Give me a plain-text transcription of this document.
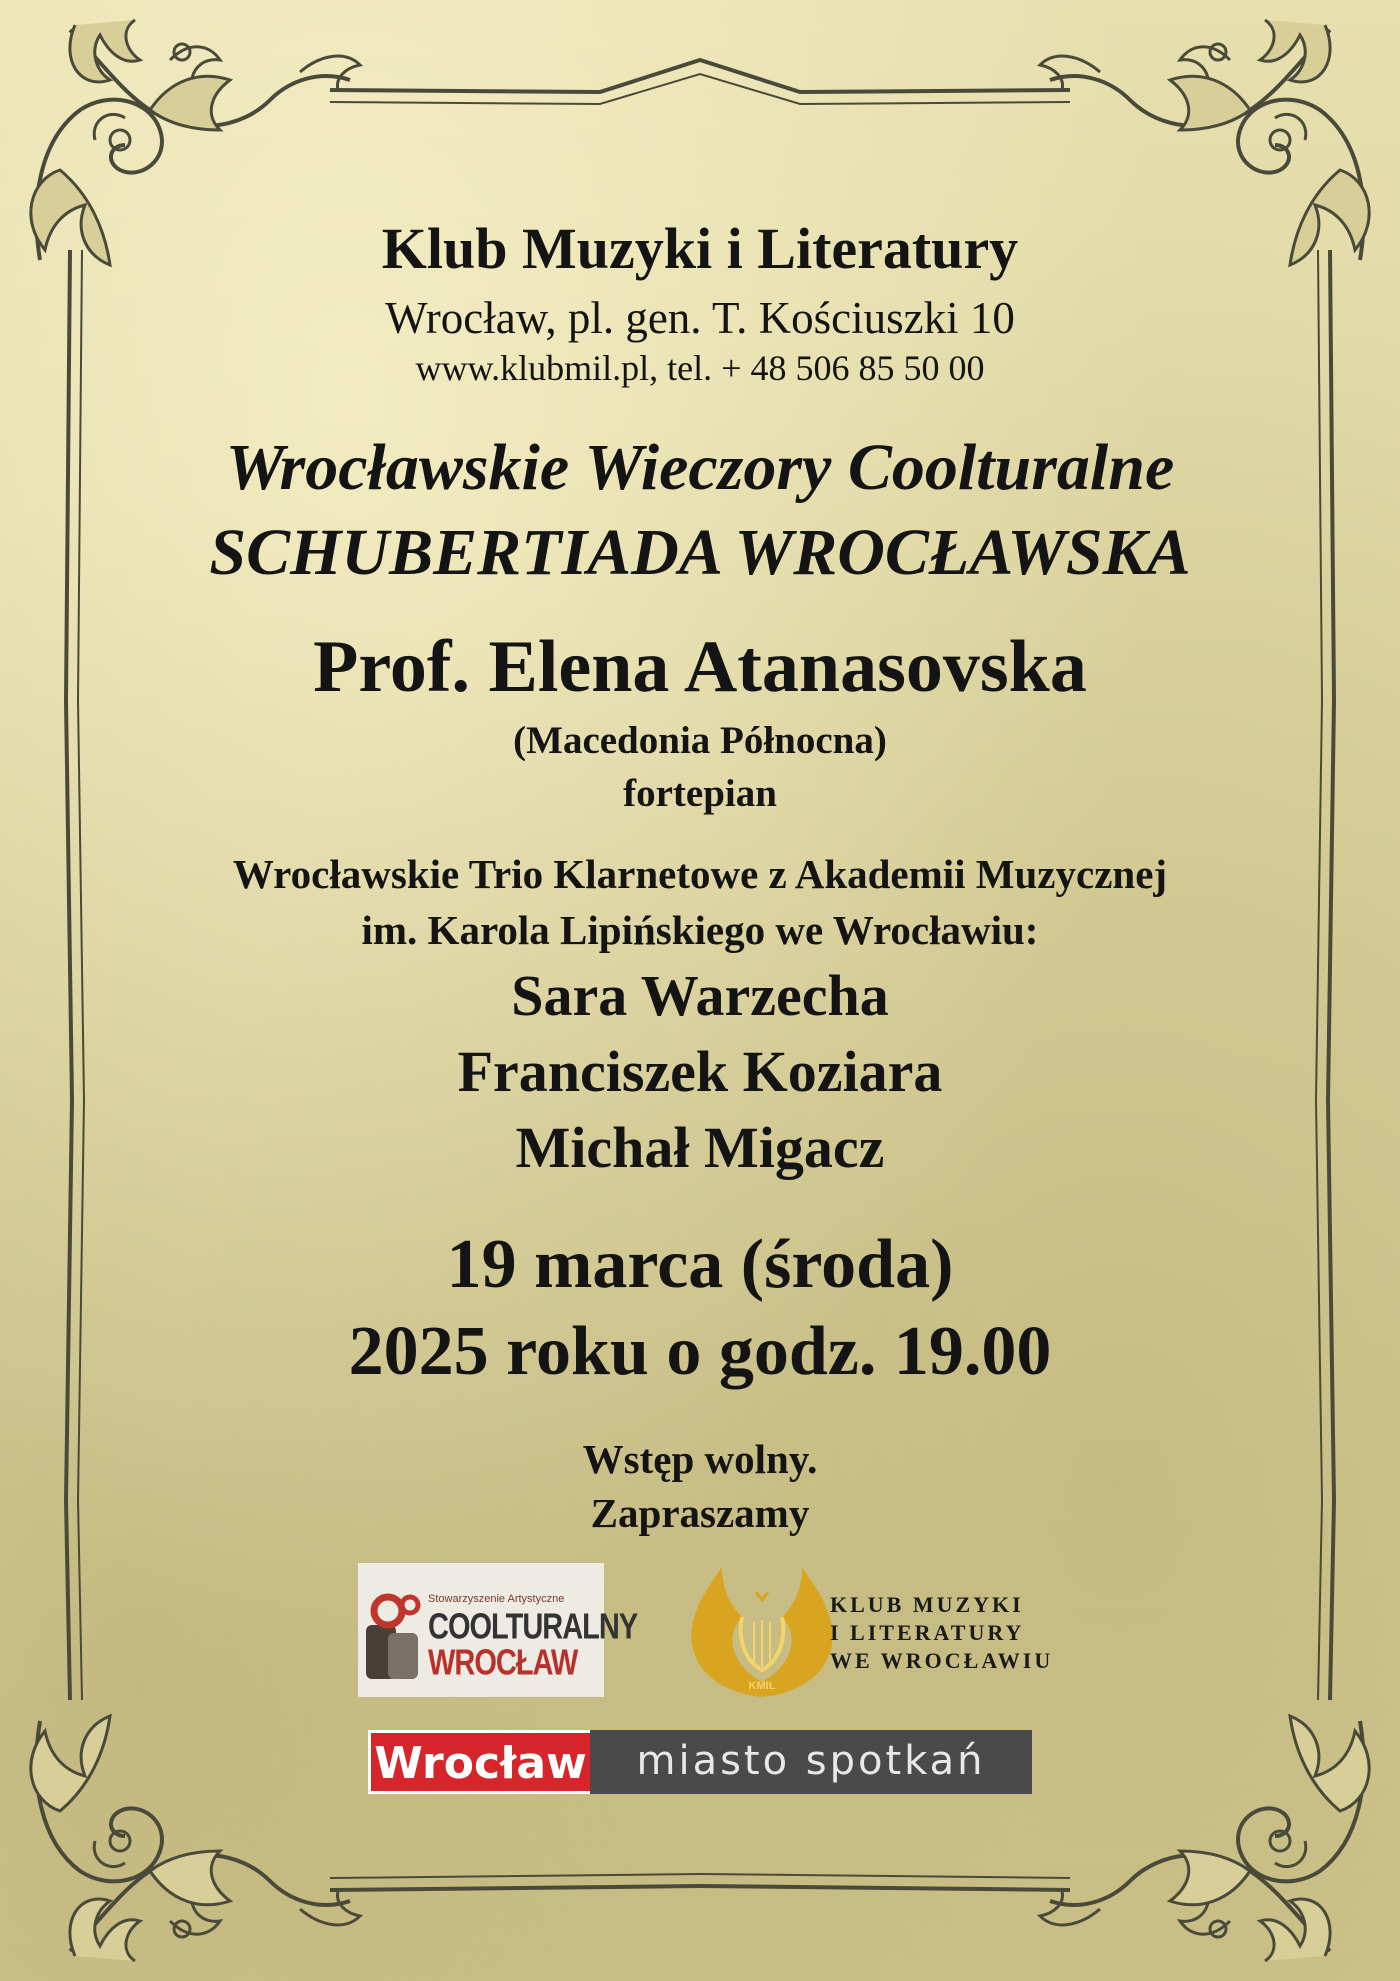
Klub Muzyki i Literatury

Wrocław, pl. gen. T. Kościuszki 10

www.klubmil.pl, tel. + 48 506 85 50 00

Wrocławskie Wieczory Coolturalne

SCHUBERTIADA WROCŁAWSKA

Prof. Elena Atanasovska

(Macedonia Północna)

fortepian

Wrocławskie Trio Klarnetowe z Akademii Muzycznej

im. Karola Lipińskiego we Wrocławiu:

Sara Warzecha

Franciszek Koziara

Michał Migacz

19 marca (środa)

2025 roku o godz. 19.00

Wstęp wolny.

Zapraszamy

Stowarzyszenie Artystyczne
COOLTURALNY
WROCŁAW
KMIL
KLUB MUZYKI
I LITERATURY
WE WROCŁAWIU
Wrocław	miasto spotkań
